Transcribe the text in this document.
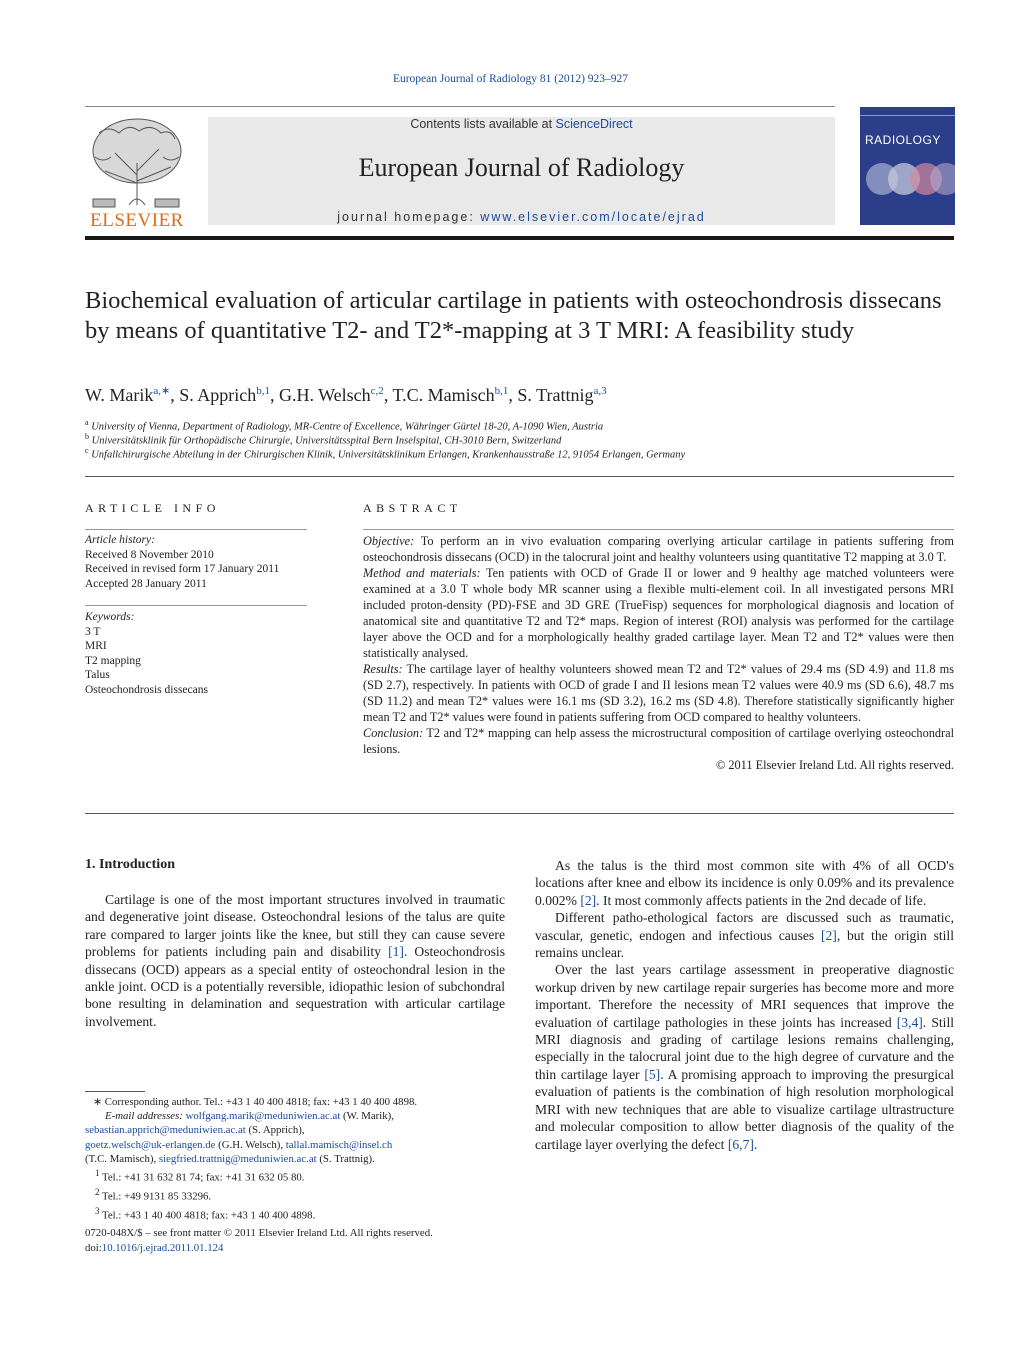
European Journal of Radiology 81 (2012) 923–927
ELSEVIER
Contents lists available at ScienceDirect
European Journal of Radiology
journal homepage: www.elsevier.com/locate/ejrad
RADIOLOGY
Biochemical evaluation of articular cartilage in patients with osteochondrosis dissecans by means of quantitative T2- and T2*-mapping at 3 T MRI: A feasibility study
W. Marik$^{a,∗}$, S. Apprich$^{b,1}$, G.H. Welsch$^{c,2}$, T.C. Mamisch$^{b,1}$, S. Trattnig$^{a,3}$
$^a$ University of Vienna, Department of Radiology, MR-Centre of Excellence, Währinger Gürtel 18-20, A-1090 Wien, Austria
$^b$ Universitätsklinik für Orthopädische Chirurgie, Universitätsspital Bern Inselspital, CH-3010 Bern, Switzerland
$^c$ Unfallchirurgische Abteilung in der Chirurgischen Klinik, Universitätsklinikum Erlangen, Krankenhausstraße 12, 91054 Erlangen, Germany
ARTICLE INFO
Article history:
Received 8 November 2010
Received in revised form 17 January 2011
Accepted 28 January 2011
Keywords:
3 T
MRI
T2 mapping
Talus
Osteochondrosis dissecans
ABSTRACT
Objective: To perform an in vivo evaluation comparing overlying articular cartilage in patients suffering from osteochondrosis dissecans (OCD) in the talocrural joint and healthy volunteers using quantitative T2 mapping at 3.0 T.
Method and materials: Ten patients with OCD of Grade II or lower and 9 healthy age matched volunteers were examined at a 3.0 T whole body MR scanner using a flexible multi-element coil. In all investigated persons MRI included proton-density (PD)-FSE and 3D GRE (TrueFisp) sequences for morphological diagnosis and location of anatomical site and quantitative T2 and T2* maps. Region of interest (ROI) analysis was performed for the cartilage layer above the OCD and for a morphologically healthy graded cartilage layer. Mean T2 and T2* values were then statistically analysed.
Results: The cartilage layer of healthy volunteers showed mean T2 and T2* values of 29.4 ms (SD 4.9) and 11.8 ms (SD 2.7), respectively. In patients with OCD of grade I and II lesions mean T2 values were 40.9 ms (SD 6.6), 48.7 ms (SD 11.2) and mean T2* values were 16.1 ms (SD 3.2), 16.2 ms (SD 4.8). Therefore statistically significantly higher mean T2 and T2* values were found in patients suffering from OCD compared to healthy volunteers.
Conclusion: T2 and T2* mapping can help assess the microstructural composition of cartilage overlying osteochondral lesions.
© 2011 Elsevier Ireland Ltd. All rights reserved.
1. Introduction

Cartilage is one of the most important structures involved in traumatic and degenerative joint disease. Osteochondral lesions of the talus are quite rare compared to larger joints like the knee, but still they can cause severe problems for patients including pain and disability [1]. Osteochondrosis dissecans (OCD) appears as a special entity of osteochondral lesion in the ankle joint. OCD is a potentially reversible, idiopathic lesion of subchondral bone resulting in delamination and sequestration with articular cartilage involvement.

As the talus is the third most common site with 4% of all OCD's locations after knee and elbow its incidence is only 0.09% and its prevalence 0.002% [2]. It most commonly affects patients in the 2nd decade of life.

Different patho-ethological factors are discussed such as traumatic, vascular, genetic, endogen and infectious causes [2], but the origin still remains unclear.

Over the last years cartilage assessment in preoperative diagnostic workup driven by new cartilage repair surgeries has become more and more important. Therefore the necessity of MRI sequences that improve the evaluation of cartilage pathologies in these joints has increased [3,4]. Still MRI diagnosis and grading of cartilage lesions remains challenging, especially in the talocrural joint due to the high degree of curvature and the thin cartilage layer [5]. A promising approach to improving the presurgical evaluation of patients is the combination of high resolution morphological MRI with new techniques that are able to visualize cartilage ultrastructure and molecular composition to allow better diagnosis of the quality of the cartilage layer overlying the defect [6,7].

∗ Corresponding author. Tel.: +43 1 40 400 4818; fax: +43 1 40 400 4898.
E-mail addresses: wolfgang.marik@meduniwien.ac.at (W. Marik),
sebastian.apprich@meduniwien.ac.at (S. Apprich),
goetz.welsch@uk-erlangen.de (G.H. Welsch), tallal.mamisch@insel.ch
(T.C. Mamisch), siegfried.trattnig@meduniwien.ac.at (S. Trattnig).
$^1$ Tel.: +41 31 632 81 74; fax: +41 31 632 05 80.
$^2$ Tel.: +49 9131 85 33296.
$^3$ Tel.: +43 1 40 400 4818; fax: +43 1 40 400 4898.
0720-048X/$ – see front matter © 2011 Elsevier Ireland Ltd. All rights reserved.
doi:10.1016/j.ejrad.2011.01.124
